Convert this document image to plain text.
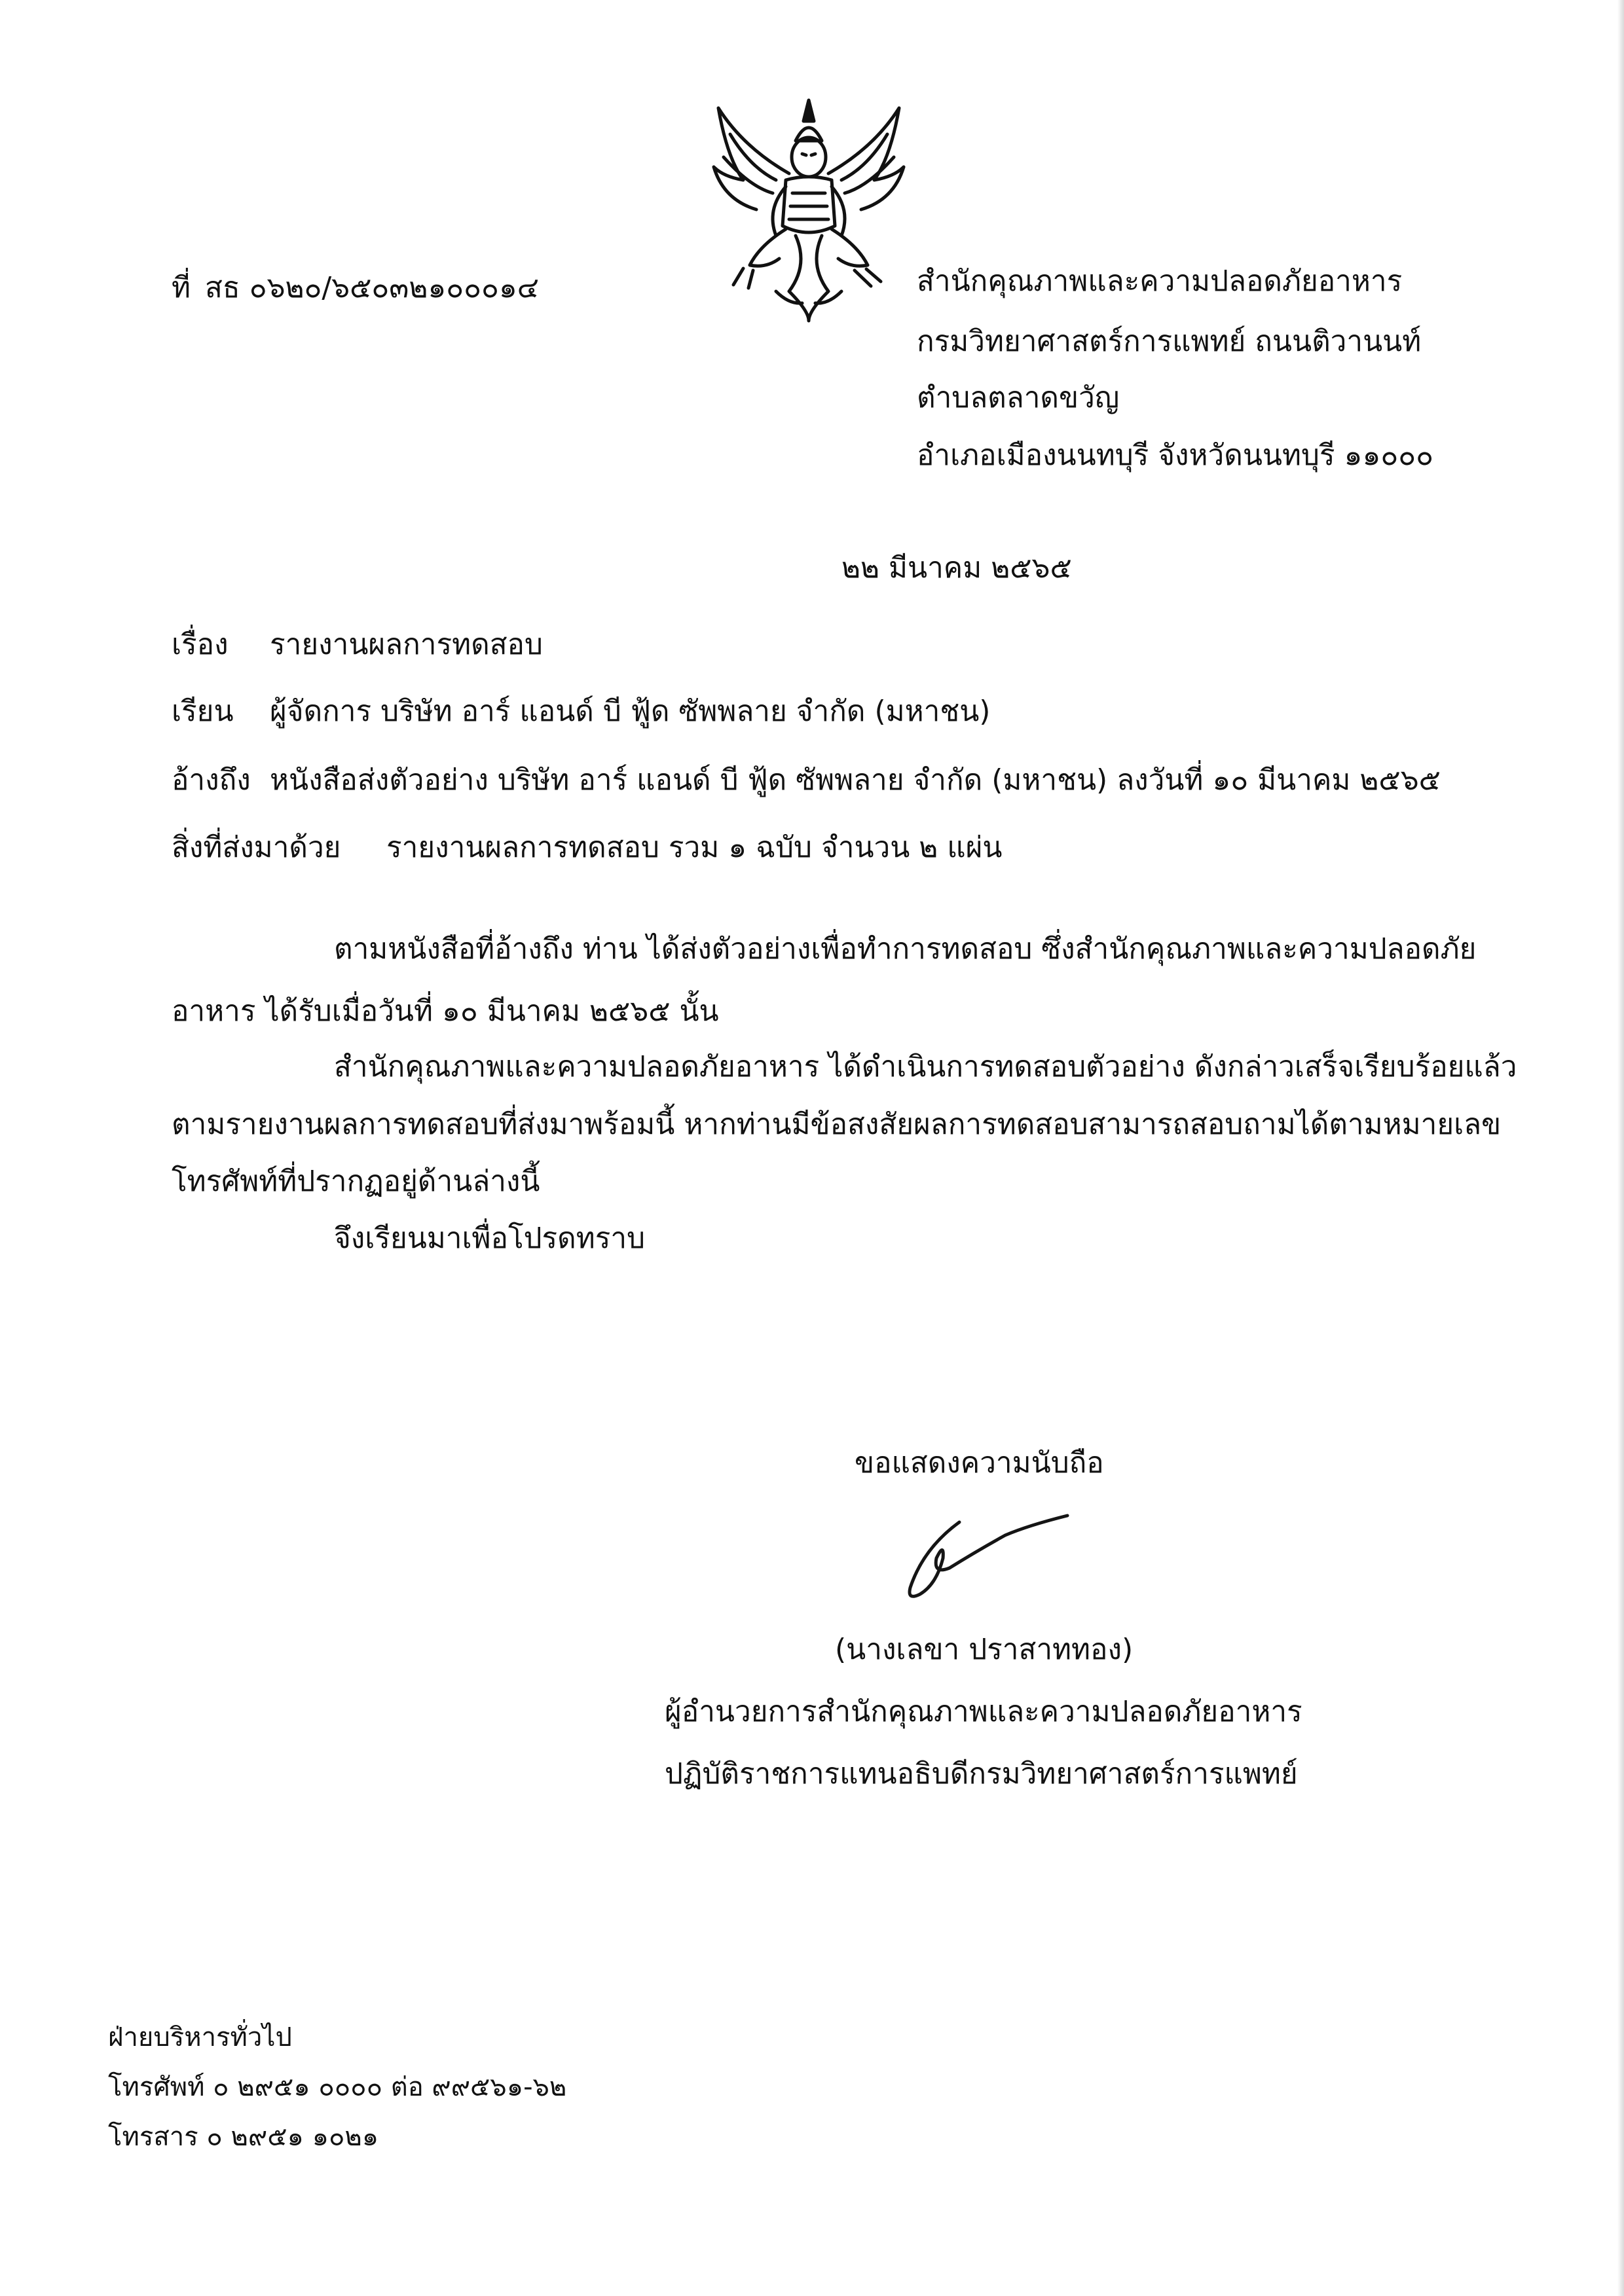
ที่ สธ ๐๖๒๐/๖๕๐๓๒๑๐๐๐๑๔	สำนักคุณภาพและความปลอดภัยอาหาร
กรมวิทยาศาสตร์การแพทย์ ถนนติวานนท์
ตำบลตลาดขวัญ
อำเภอเมืองนนทบุรี จังหวัดนนทบุรี ๑๑๐๐๐
๒๒ มีนาคม ๒๕๖๕
เรื่อง รายงานผลการทดสอบ
เรียน ผู้จัดการ บริษัท อาร์ แอนด์ บี ฟู้ด ซัพพลาย จำกัด (มหาชน)
อ้างถึง หนังสือส่งตัวอย่าง บริษัท อาร์ แอนด์ บี ฟู้ด ซัพพลาย จำกัด (มหาชน) ลงวันที่ ๑๐ มีนาคม ๒๕๖๕
สิ่งที่ส่งมาด้วย รายงานผลการทดสอบ รวม ๑ ฉบับ จำนวน ๒ แผ่น
ตามหนังสือที่อ้างถึง ท่าน ได้ส่งตัวอย่างเพื่อทำการทดสอบ ซึ่งสำนักคุณภาพและความปลอดภัย
อาหาร ได้รับเมื่อวันที่ ๑๐ มีนาคม ๒๕๖๕ นั้น
สำนักคุณภาพและความปลอดภัยอาหาร ได้ดำเนินการทดสอบตัวอย่าง ดังกล่าวเสร็จเรียบร้อยแล้ว
ตามรายงานผลการทดสอบที่ส่งมาพร้อมนี้ หากท่านมีข้อสงสัยผลการทดสอบสามารถสอบถามได้ตามหมายเลข
โทรศัพท์ที่ปรากฏอยู่ด้านล่างนี้
จึงเรียนมาเพื่อโปรดทราบ
ขอแสดงความนับถือ
(นางเลขา ปราสาททอง)
ผู้อำนวยการสำนักคุณภาพและความปลอดภัยอาหาร
ปฏิบัติราชการแทนอธิบดีกรมวิทยาศาสตร์การแพทย์
ฝ่ายบริหารทั่วไป
โทรศัพท์ ๐ ๒๙๕๑ ๐๐๐๐ ต่อ ๙๙๕๖๑-๖๒
โทรสาร ๐ ๒๙๕๑ ๑๐๒๑
